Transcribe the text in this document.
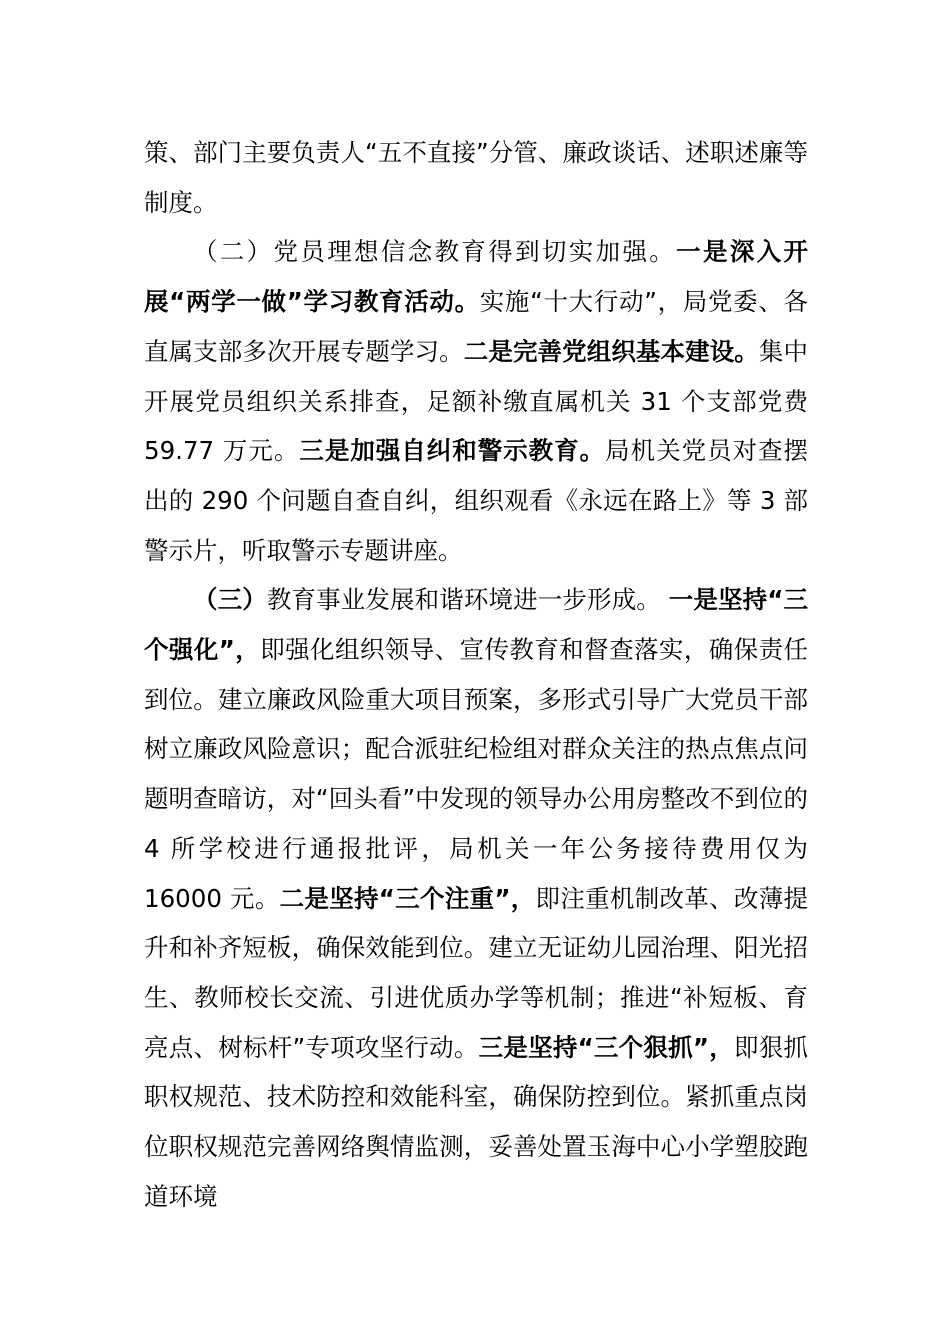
策、部门主要负责人“五不直接”分管、廉政谈话、述职述廉等制度。

（二）党员理想信念教育得到切实加强。一是深入开展“两学一做”学习教育活动。实施“十大行动”，局党委、各直属支部多次开展专题学习。二是完善党组织基本建设。集中开展党员组织关系排查，足额补缴直属机关 31 个支部党费 59.77 万元。三是加强自纠和警示教育。局机关党员对查摆出的 290 个问题自查自纠，组织观看《永远在路上》等 3 部警示片，听取警示专题讲座。

（三）教育事业发展和谐环境进一步形成。 一是坚持“三个强化”，即强化组织领导、宣传教育和督查落实，确保责任到位。建立廉政风险重大项目预案，多形式引导广大党员干部树立廉政风险意识；配合派驻纪检组对群众关注的热点焦点问题明查暗访，对“回头看”中发现的领导办公用房整改不到位的 4 所学校进行通报批评，局机关一年公务接待费用仅为 16000 元。二是坚持“三个注重”，即注重机制改革、改薄提升和补齐短板，确保效能到位。建立无证幼儿园治理、阳光招生、教师校长交流、引进优质办学等机制；推进“补短板、育亮点、树标杆”专项攻坚行动。三是坚持“三个狠抓”，即狠抓职权规范、技术防控和效能科室，确保防控到位。紧抓重点岗位职权规范完善网络舆情监测，妥善处置玉海中心小学塑胶跑道环境
